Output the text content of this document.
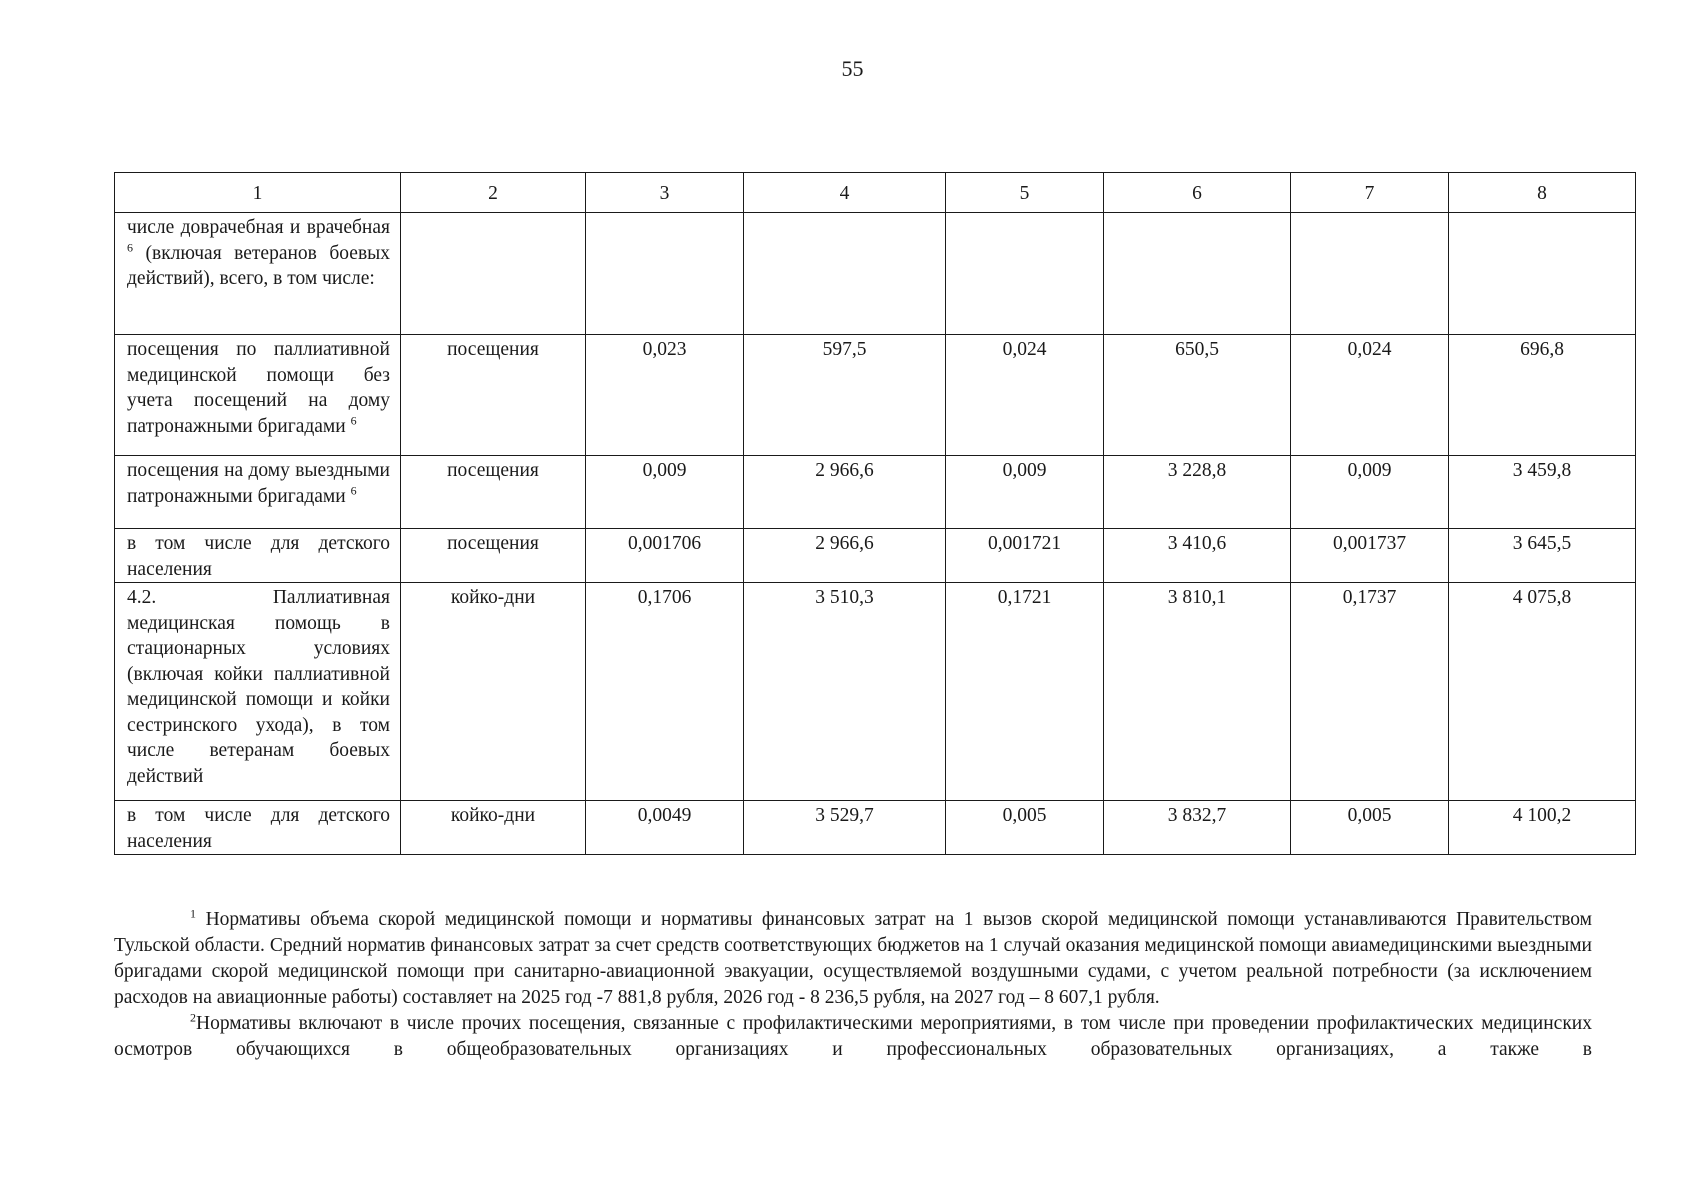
55
1	2	3	4	5	6	7	8
числе доврачебная и врачебная $^6$ (включая ветеранов боевых действий), всего, в том числе:							
посещения по паллиативной медицинской помощи без учета посещений на дому патронажными бригадами $^6$	посещения	0,023	597,5	0,024	650,5	0,024	696,8
посещения на дому выездными патронажными бригадами $^6$	посещения	0,009	2 966,6	0,009	3 228,8	0,009	3 459,8
в том числе для детского населения	посещения	0,001706	2 966,6	0,001721	3 410,6	0,001737	3 645,5
4.2. Паллиативная медицинская помощь в стационарных условиях (включая койки паллиативной медицинской помощи и койки сестринского ухода), в том числе ветеранам боевых действий	койко-дни	0,1706	3 510,3	0,1721	3 810,1	0,1737	4 075,8
в том числе для детского населения	койко-дни	0,0049	3 529,7	0,005	3 832,7	0,005	4 100,2

$^1$ Нормативы объема скорой медицинской помощи и нормативы финансовых затрат на 1 вызов скорой медицинской помощи устанавливаются Правительством Тульской области. Средний норматив финансовых затрат за счет средств соответствующих бюджетов на 1 случай оказания медицинской помощи авиамедицинскими выездными бригадами скорой медицинской помощи при санитарно-авиационной эвакуации, осуществляемой воздушными судами, с учетом реальной потребности (за исключением расходов на авиационные работы) составляет на 2025 год -7 881,8 рубля, 2026 год - 8 236,5 рубля, на 2027 год – 8 607,1 рубля.

$^2$Нормативы включают в числе прочих посещения, связанные с профилактическими мероприятиями, в том числе при проведении профилактических медицинских осмотров обучающихся в общеобразовательных организациях и профессиональных образовательных организациях, а также в
